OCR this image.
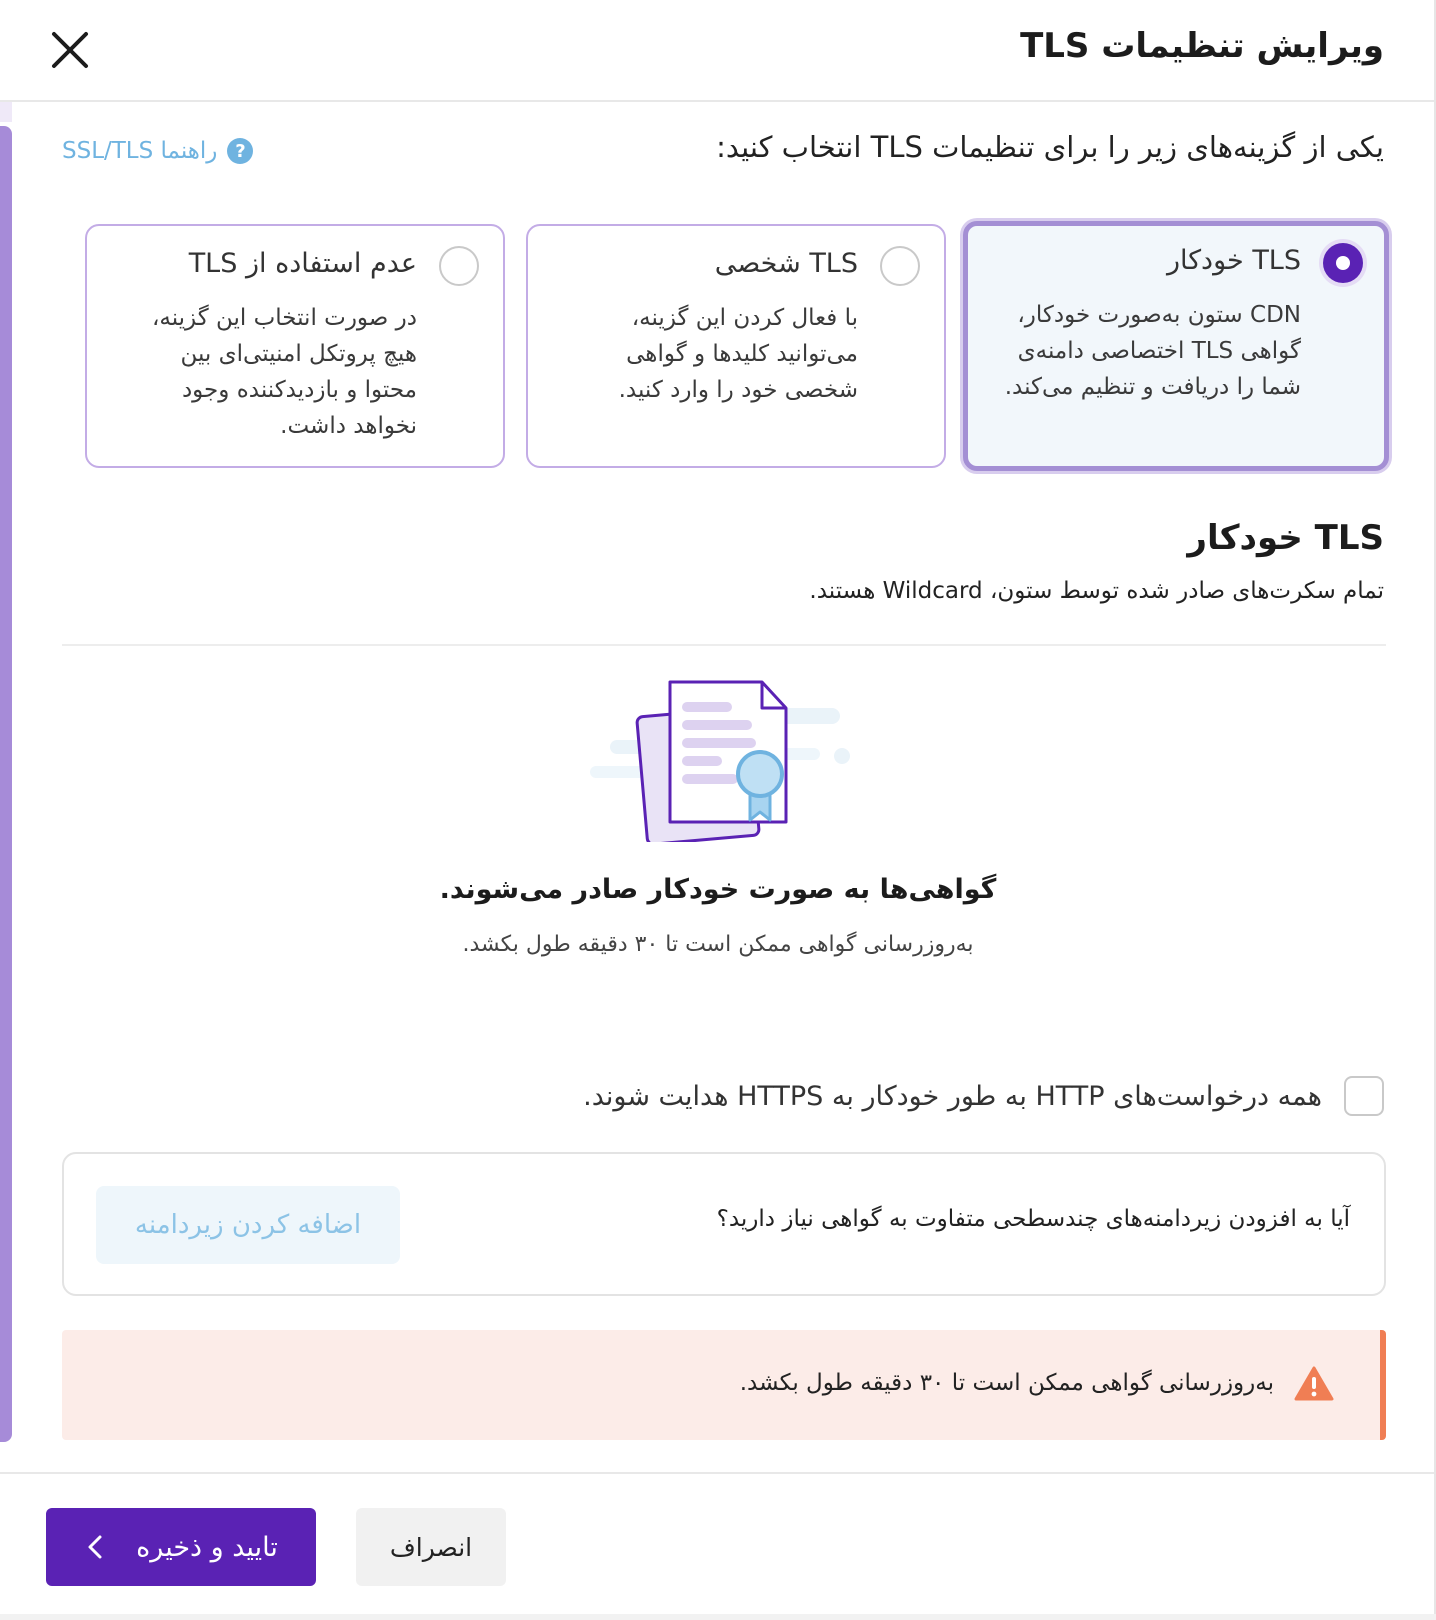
ویرایش تنظیمات TLS
یکی از گزینه‌های زیر را برای تنظیمات TLS انتخاب کنید:
?
راهنما SSL/TLS
TLS خودکار
CDN ستون به‌صورت خودکار، گواهی TLS اختصاصی دامنه‌ی شما را دریافت و تنظیم می‌کند.
TLS شخصی
با فعال کردن این گزینه، می‌توانید کلیدها و گواهی شخصی خود را وارد کنید.
عدم استفاده از TLS
در صورت انتخاب این گزینه، هیچ پروتکل امنیتی‌ای بین محتوا و بازدیدکننده وجود نخواهد داشت.
TLS خودکار
تمام سکرت‌های صادر شده توسط ستون، Wildcard هستند.
گواهی‌ها به صورت خودکار صادر می‌شوند.
به‌روزرسانی گواهی ممکن است تا ۳۰ دقیقه طول بکشد.
همه درخواست‌های HTTP به طور خودکار به HTTPS هدایت شوند.
آیا به افزودن زیردامنه‌های چندسطحی متفاوت به گواهی نیاز دارید؟
اضافه کردن زیردامنه
به‌روزرسانی گواهی ممکن است تا ۳۰ دقیقه طول بکشد.
تایید و ذخیره	انصراف
